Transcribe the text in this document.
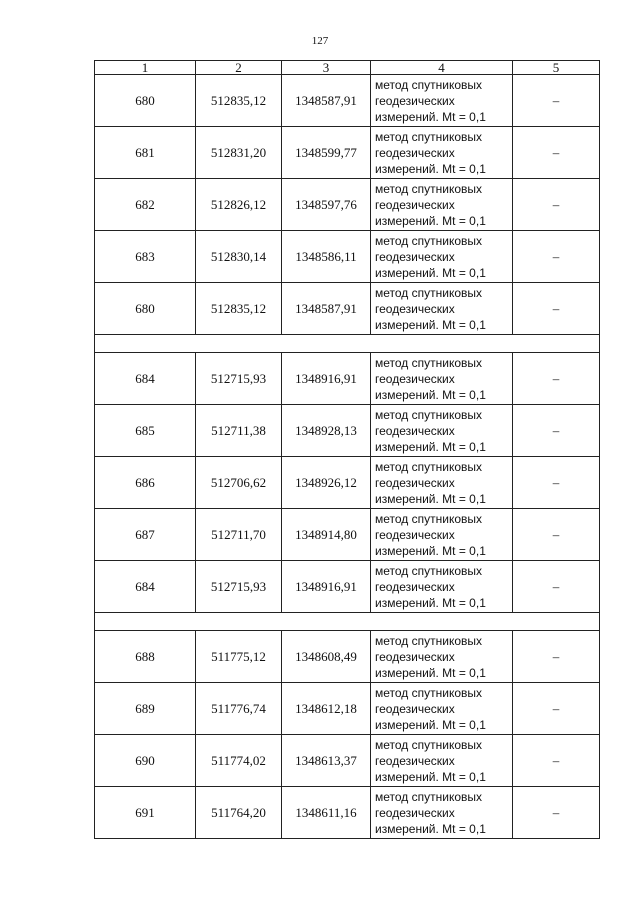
127
1	2	3	4	5
680	512835,12	1348587,91	метод спутниковых
геодезических
измерений. Mt = 0,1	–
681	512831,20	1348599,77	метод спутниковых
геодезических
измерений. Mt = 0,1	–
682	512826,12	1348597,76	метод спутниковых
геодезических
измерений. Mt = 0,1	–
683	512830,14	1348586,11	метод спутниковых
геодезических
измерений. Mt = 0,1	–
680	512835,12	1348587,91	метод спутниковых
геодезических
измерений. Mt = 0,1	–

684	512715,93	1348916,91	метод спутниковых
геодезических
измерений. Mt = 0,1	–
685	512711,38	1348928,13	метод спутниковых
геодезических
измерений. Mt = 0,1	–
686	512706,62	1348926,12	метод спутниковых
геодезических
измерений. Mt = 0,1	–
687	512711,70	1348914,80	метод спутниковых
геодезических
измерений. Mt = 0,1	–
684	512715,93	1348916,91	метод спутниковых
геодезических
измерений. Mt = 0,1	–

688	511775,12	1348608,49	метод спутниковых
геодезических
измерений. Mt = 0,1	–
689	511776,74	1348612,18	метод спутниковых
геодезических
измерений. Mt = 0,1	–
690	511774,02	1348613,37	метод спутниковых
геодезических
измерений. Mt = 0,1	–
691	511764,20	1348611,16	метод спутниковых
геодезических
измерений. Mt = 0,1	–
